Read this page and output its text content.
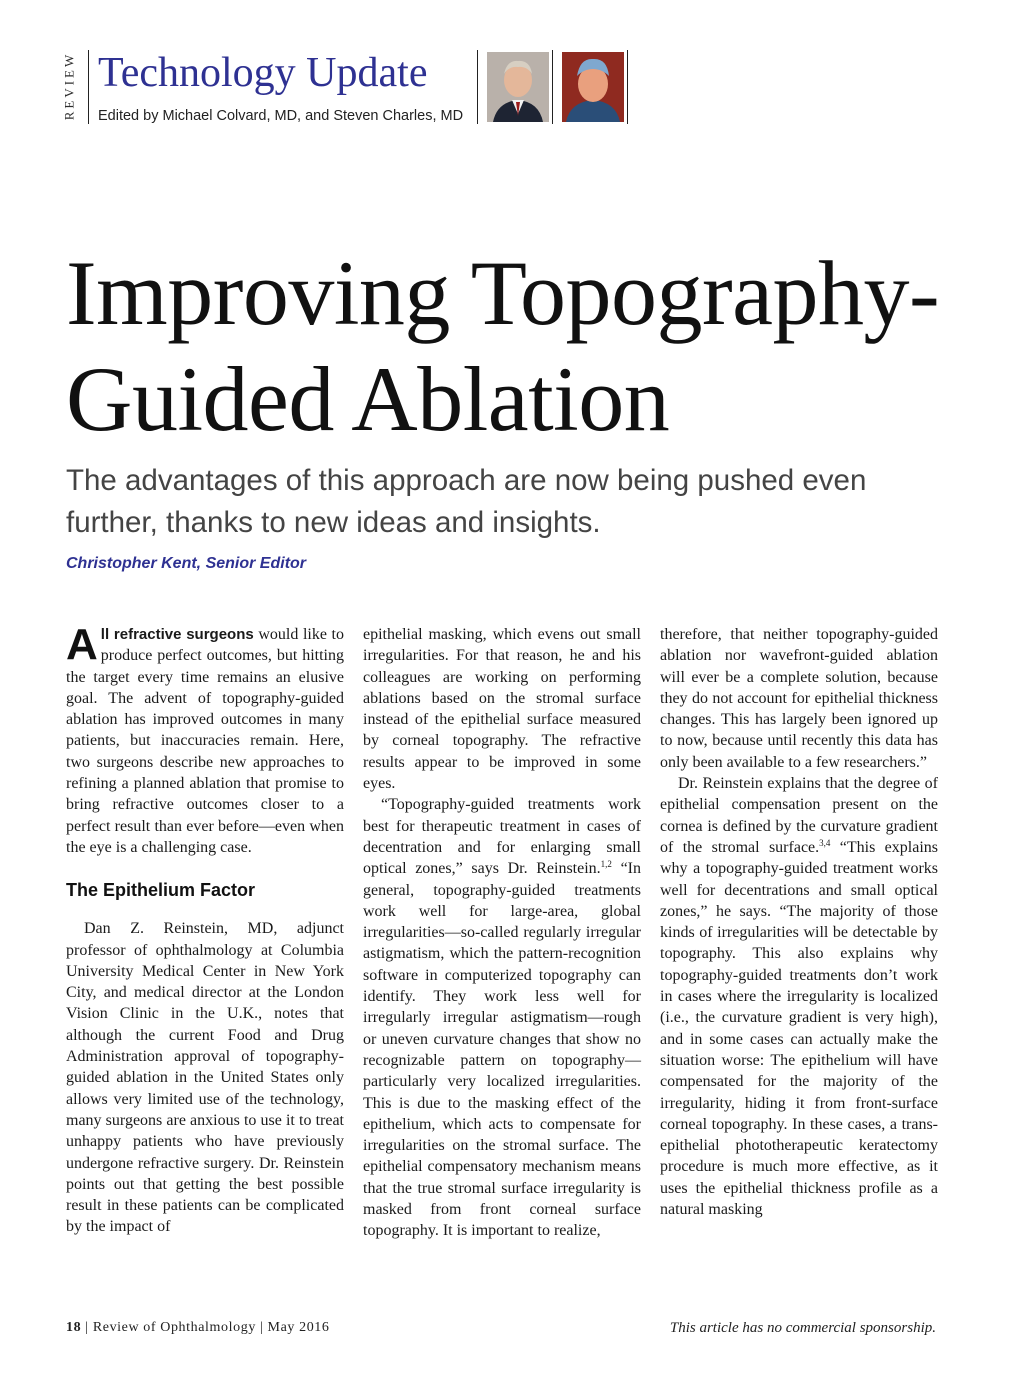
REVIEW Technology Update
Edited by Michael Colvard, MD, and Steven Charles, MD
Improving Topography-
Guided Ablation

The advantages of this approach are now being pushed even further, thanks to new ideas and insights.

Christopher Kent, Senior Editor

All refractive surgeons would like to produce perfect outcomes, but hitting the target every time remains an elusive goal. The advent of topography-guided ablation has improved outcomes in many patients, but inaccuracies remain. Here, two surgeons describe new approaches to refining a planned ablation that promise to bring refractive outcomes closer to a perfect result than ever before—even when the eye is a challenging case.

The Epithelium Factor

Dan Z. Reinstein, MD, adjunct professor of ophthalmology at Columbia University Medical Center in New York City, and medical director at the London Vision Clinic in the U.K., notes that although the current Food and Drug Administration approval of topography-guided ablation in the United States only allows very limited use of the technology, many surgeons are anxious to use it to treat unhappy patients who have previously undergone refractive surgery. Dr. Reinstein points out that getting the best possible result in these patients can be complicated by the impact of

epithelial masking, which evens out small irregularities. For that reason, he and his colleagues are working on performing ablations based on the stromal surface instead of the epithelial surface measured by corneal topography. The refractive results appear to be improved in some eyes.

“Topography-guided treatments work best for therapeutic treatment in cases of decentration and for enlarging small optical zones,” says Dr. Reinstein.$^{1,2}$ “In general, topography-guided treatments work well for large-area, global irregularities—so-called regularly irregular astigmatism, which the pattern-recognition software in computerized topography can identify. They work less well for irregularly irregular astigmatism—rough or uneven curvature changes that show no recognizable pattern on topography—particularly very localized irregularities. This is due to the masking effect of the epithelium, which acts to compensate for irregularities on the stromal surface. The epithelial compensatory mechanism means that the true stromal surface irregularity is masked from front corneal surface topography. It is important to realize,

therefore, that neither topography-guided ablation nor wavefront-guided ablation will ever be a complete solution, because they do not account for epithelial thickness changes. This has largely been ignored up to now, because until recently this data has only been available to a few researchers.”

Dr. Reinstein explains that the degree of epithelial compensation present on the cornea is defined by the curvature gradient of the stromal surface.$^{3,4}$ “This explains why a topography-guided treatment works well for decentrations and small optical zones,” he says. “The majority of those kinds of irregularities will be detectable by topography. This also explains why topography-guided treatments don’t work in cases where the irregularity is localized (i.e., the curvature gradient is very high), and in some cases can actually make the situation worse: The epithelium will have compensated for the majority of the irregularity, hiding it from front-surface corneal topography. In these cases, a trans-epithelial phototherapeutic keratectomy procedure is much more effective, as it uses the epithelial thickness profile as a natural masking

18 | Review of Ophthalmology | May 2016	This article has no commercial sponsorship.
